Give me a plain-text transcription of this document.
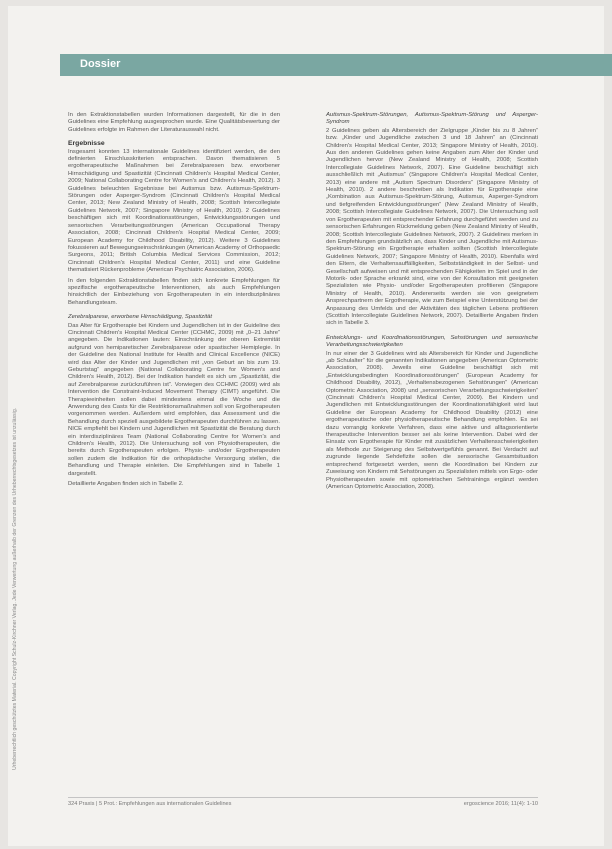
Dossier
Urheberrechtlich geschütztes Material. Copyright Schulz-Kirchner Verlag. Jede Verwertung außerhalb der Grenzen des Urheberrechtsgesetzes ist unzulässig.

In den Extraktionstabellen wurden Informationen dargestellt, für die in den Guidelines eine Empfehlung ausgesprochen wurde. Eine Qualitätsbewertung der Guidelines erfolgte im Rahmen der Literaturauswahl nicht.

Ergebnisse

Insgesamt konnten 13 internationale Guidelines identifiziert werden, die den definierten Einschlusskriterien entsprachen. Davon thematisieren 5 ergotherapeutische Maßnahmen bei Zerebralparesen bzw. erworbener Hirnschädigung und Spastizität (Cincinnati Children's Hospital Medical Center, 2009; National Collaborating Centre for Women's and Children's Health, 2012). 3 Guidelines beleuchten Ergebnisse bei Autismus bzw. Autismus-Spektrum-Störungen oder Asperger-Syndrom (Cincinnati Children's Hospital Medical Center, 2013; New Zealand Ministry of Health, 2008; Scottish Intercollegiate Guidelines Network, 2007; Singapore Ministry of Health, 2010). 2 Guidelines beschäftigen sich mit Koordinationsstörungen, Entwicklungsstörungen und sensorischen Verarbeitungsstörungen (American Occupational Therapy Association, 2008; Cincinnati Children's Hospital Medical Center, 2009; European Academy for Childhood Disability, 2012). Weitere 3 Guidelines fokussieren auf Bewegungseinschränkungen (American Academy of Orthopaedic Surgeons, 2011; British Columbia Medical Services Commission, 2012; Cincinnati Children's Hospital Medical Center, 2011) und eine Guideline thematisiert Rückenprobleme (American Psychiatric Association, 2006).

In den folgenden Extraktionstabellen finden sich konkrete Empfehlungen für spezifische ergotherapeutische Interventionen, als auch Empfehlungen hinsichtlich der Einbeziehung von Ergotherapeuten in ein interdisziplinäres Behandlungsteam.

Zerebralparese, erworbene Hirnschädigung, Spastizität

Das Alter für Ergotherapie bei Kindern und Jugendlichen ist in der Guideline des Cincinnati Children's Hospital Medical Center (CCHMC, 2009) mit „0–21 Jahre“ angegeben. Die Indikationen lauten: Einschränkung der oberen Extremität aufgrund von hemiparetischer Zerebralparese oder spastischer Hemiplegie. In der Guideline des National Institute for Health and Clinical Excellence (NICE) wird das Alter der Kinder und Jugendlichen mit „von Geburt an bis zum 19. Geburtstag“ angegeben (National Collaborating Centre for Women's and Children's Health, 2012). Bei der Indikation handelt es sich um „Spastizität, die auf Zerebralparese zurückzuführen ist“. Vorwiegen des CCHMC (2009) wird als Intervention die Constraint-Induced Movement Therapy (CIMT) angeführt. Die Therapieeinheiten sollen dabei mindestens einmal die Woche und die Anwendung des Casts für die Restriktionsmaßnahmen soll von Ergotherapeuten vorgenommen werden. Außerdem wird empfohlen, das Assessment und die Behandlung durch speziell ausgebildete Ergotherapeuten durchführen zu lassen. NICE empfiehlt bei Kindern und Jugendlichen mit Spastizität die Beratung durch ein interdisziplinäres Team (National Collaborating Centre for Women's and Children's Health, 2012). Die Untersuchung soll von Physiotherapeuten, die bereits durch Ergotherapeuten erfolgen. Physio- und/oder Ergotherapeuten sollen zudem die Indikation für die orthopädische Versorgung stellen, die Behandlung und Therapie einleiten. Die Empfehlungen sind in Tabelle 1 dargestellt.

Detaillierte Angaben finden sich in Tabelle 2.

Autismus-Spektrum-Störungen, Autismus-Spektrum-Störung und Asperger-Syndrom

2 Guidelines geben als Altersbereich der Zielgruppe „Kinder bis zu 8 Jahren“ bzw. „Kinder und Jugendliche zwischen 3 und 18 Jahren“ an (Cincinnati Children's Hospital Medical Center, 2013; Singapore Ministry of Health, 2010). Aus den anderen Guidelines gehen keine Angaben zum Alter der Kinder und Jugendlichen hervor (New Zealand Ministry of Health, 2008; Scottish Intercollegiate Guidelines Network, 2007). Eine Guideline beschäftigt sich ausschließlich mit „Autismus“ (Singapore Children's Hospital Medical Center, 2013) eine andere mit „Autism Spectrum Disorders“ (Singapore Ministry of Health, 2010). 2 andere beschreiben als Indikation für Ergotherapie eine „Kombination aus Autismus-Spektrum-Störung, Autismus, Asperger-Syndrom und tiefgreifenden Entwicklungsstörungen“ (New Zealand Ministry of Health, 2008; Scottish Intercollegiate Guidelines Network, 2007). Die Untersuchung soll von Ergotherapeuten mit entsprechender Erfahrung durchgeführt werden und zu sensorischen Erfahrungen Rückmeldung geben (New Zealand Ministry of Health, 2008; Scottish Intercollegiate Guidelines Network, 2007). 2 Guidelines merken in den Empfehlungen grundsätzlich an, dass Kinder und Jugendliche mit Autismus-Spektrum-Störung ein Ergotherapie erhalten sollten (Scottish Intercollegiate Guidelines Network, 2007; Singapore Ministry of Health, 2010). Ebenfalls wird den Eltern, die Verhaltensauffälligkeiten, Selbstständigkeit in der Selbst- und Gesellschaft aufweisen und mit entsprechenden Fähigkeiten im Spiel und in der Motorik- oder Sprache erkrankt sind, eine von der Konsultation mit geeigneten Spezialisten wie Physio- und/oder Ergotherapeuten profitieren (Singapore Ministry of Health, 2010). Andererseits werden sie von geeignetem Ansprechpartnern der Ergotherapie, wie zum Beispiel eine Unterstützung bei der Anpassung des Umfelds und der Aktivitäten des täglichen Lebens profitieren (Scottish Intercollegiate Guidelines Network, 2007). Detaillierte Angaben finden sich in Tabelle 3.

Entwicklungs- und Koordinationsstörungen, Sehstörungen und sensorische Verarbeitungsschwierigkeiten

In nur einer der 3 Guidelines wird als Altersbereich für Kinder und Jugendliche „ab Schulalter“ für die genannten Indikationen angegeben (American Optometric Association, 2008). Jeweils eine Guideline beschäftigt sich mit „Entwicklungsbedingten Koordinationsstörungen“ (European Academy for Childhood Disability, 2012), „Verhaltensbezogenen Sehstörungen“ (American Optometric Association, 2008) und „sensorischen Verarbeitungsschwierigkeiten“ (Cincinnati Children's Hospital Medical Center, 2009). Bei Kindern und Jugendlichen mit Entwicklungsstörungen der Koordinationsfähigkeit wird laut Guideline der European Academy for Childhood Disability (2012) eine ergotherapeutische oder physiotherapeutische Behandlung empfohlen. Es sei dazu vorrangig konkrete Verfahren, dass eine aktive und alltagsorientierte therapeutische Intervention besser sei als keine Intervention. Dabei wird der Einsatz von Ergotherapie für Kinder mit zusätzlichen Verhaltensschwierigkeiten als Methode zur Steigerung des Selbstwertgefühls genannt. Bei Verdacht auf zugrunde liegende Sehdefizite sollen die sensorische Gesamtsituation entsprechend fortgesetzt werden, wenn die Koordination bei Kindern zur Zuweisung von Kindern mit Sehstörungen zu Spezialisten mittels von Ergo- oder Physiotherapeuten sowie mit optometrischen Sehtrainings ergänzt werden (American Optometric Association, 2008).

324 Praxis | 5 Prot.: Empfehlungen aus internationalen Guidelines	ergoscience 2016; 11(4): 1-10
